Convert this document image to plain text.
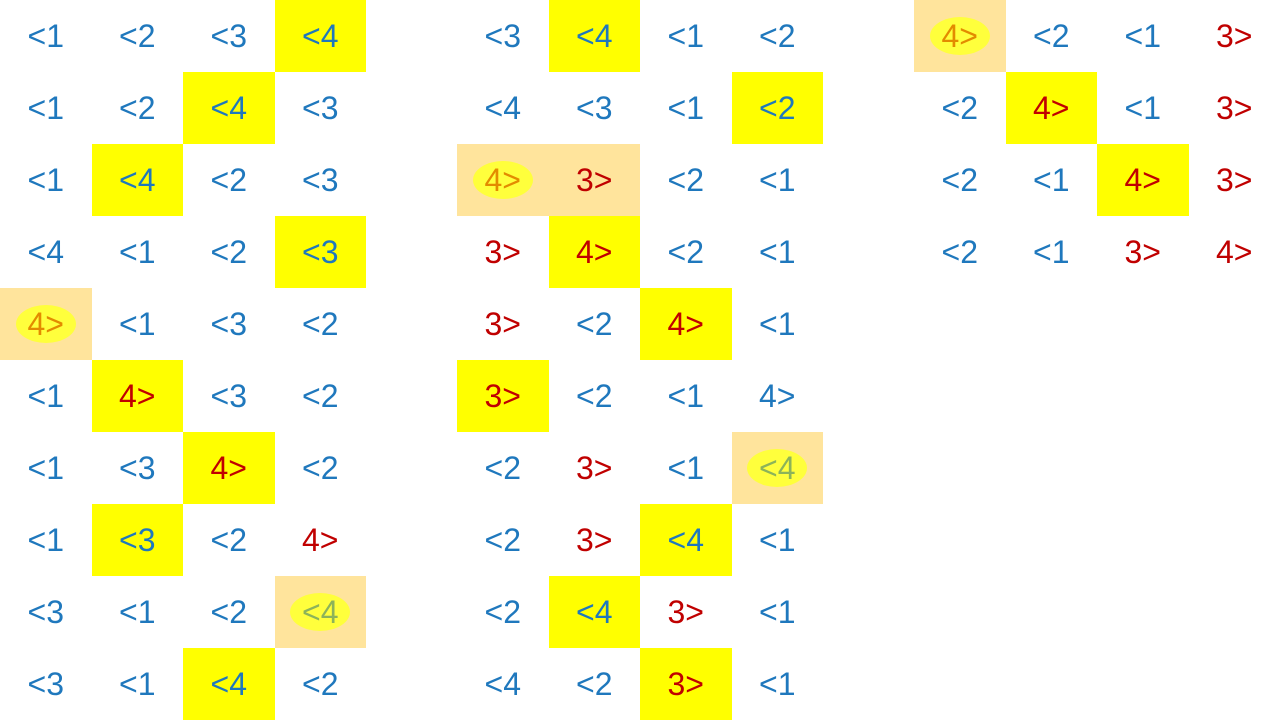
<1 <2 <3 <4
<1 <2 <4 <3
<1 <4 <2 <3
<4 <1 <2 <3
4> <1 <3 <2
<1 4> <3 <2
<1 <3 4> <2
<1 <3 <2 4>
<3 <1 <2 <4
<3 <1 <4 <2
<3 <4 <1 <2
<4 <3 <1 <2
4> 3> <2 <1
3> 4> <2 <1
3> <2 4> <1
3> <2 <1 4>
<2 3> <1 <4
<2 3> <4 <1
<2 <4 3> <1
<4 <2 3> <1
4> <2 <1 3>
<2 4> <1 3>
<2 <1 4> 3>
<2 <1 3> 4>
